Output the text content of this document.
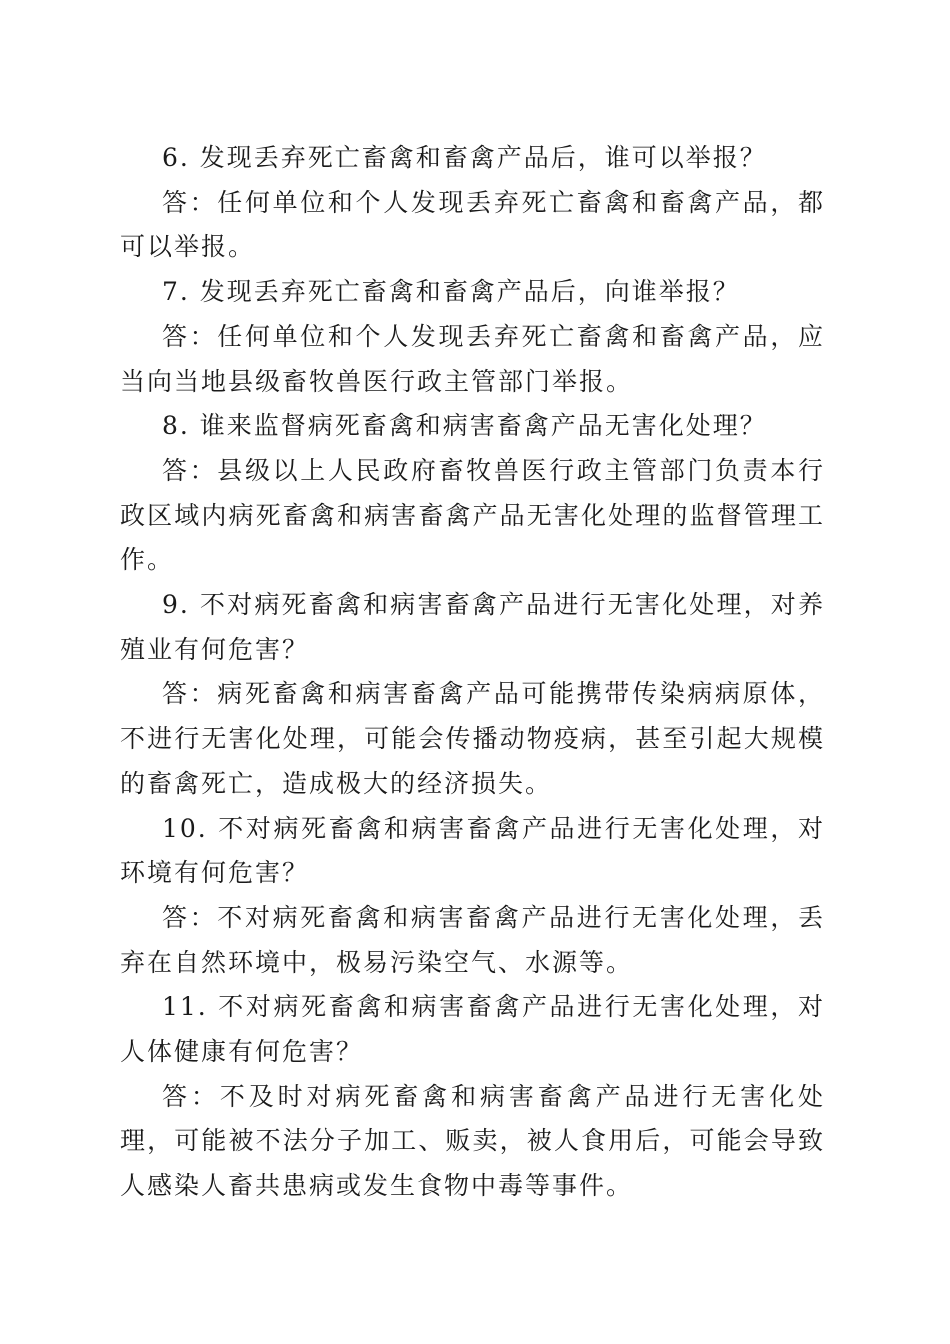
6. 发现丢弃死亡畜禽和畜禽产品后，谁可以举报？

答：任何单位和个人发现丢弃死亡畜禽和畜禽产品，都可以举报。

7. 发现丢弃死亡畜禽和畜禽产品后，向谁举报？

答：任何单位和个人发现丢弃死亡畜禽和畜禽产品，应当向当地县级畜牧兽医行政主管部门举报。

8. 谁来监督病死畜禽和病害畜禽产品无害化处理？

答：县级以上人民政府畜牧兽医行政主管部门负责本行政区域内病死畜禽和病害畜禽产品无害化处理的监督管理工作。

9. 不对病死畜禽和病害畜禽产品进行无害化处理，对养殖业有何危害？

答：病死畜禽和病害畜禽产品可能携带传染病病原体，不进行无害化处理，可能会传播动物疫病，甚至引起大规模的畜禽死亡，造成极大的经济损失。

10. 不对病死畜禽和病害畜禽产品进行无害化处理，对环境有何危害？

答：不对病死畜禽和病害畜禽产品进行无害化处理，丢弃在自然环境中，极易污染空气、水源等。

11. 不对病死畜禽和病害畜禽产品进行无害化处理，对人体健康有何危害？

答：不及时对病死畜禽和病害畜禽产品进行无害化处理，可能被不法分子加工、贩卖，被人食用后，可能会导致人感染人畜共患病或发生食物中毒等事件。
